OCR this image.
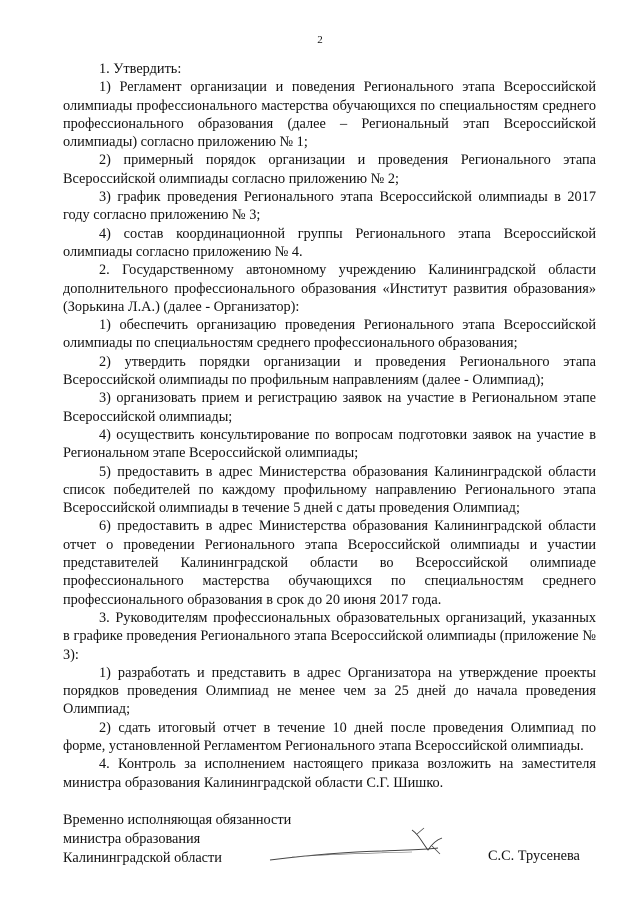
2

1. Утвердить:

1) Регламент организации и поведения Регионального этапа Всероссийской олимпиады профессионального мастерства обучающихся по специальностям среднего профессионального образования (далее – Региональный этап Всероссийской олимпиады) согласно приложению № 1;

2) примерный порядок организации и проведения Регионального этапа Всероссийской олимпиады согласно приложению № 2;

3) график проведения Регионального этапа Всероссийской олимпиады в 2017 году согласно приложению № 3;

4) состав координационной группы Регионального этапа Всероссийской олимпиады согласно приложению № 4.

2. Государственному автономному учреждению Калининградской области дополнительного профессионального образования «Институт развития образования» (Зорькина Л.А.) (далее - Организатор):

1) обеспечить организацию проведения Регионального этапа Всероссийской олимпиады по специальностям среднего профессионального образования;

2) утвердить порядки организации и проведения Регионального этапа Всероссийской олимпиады по профильным направлениям (далее - Олимпиад);

3) организовать прием и регистрацию заявок на участие в Региональном этапе Всероссийской олимпиады;

4) осуществить консультирование по вопросам подготовки заявок на участие в Региональном этапе Всероссийской олимпиады;

5) предоставить в адрес Министерства образования Калининградской области список победителей по каждому профильному направлению Регионального этапа Всероссийской олимпиады в течение 5 дней с даты проведения Олимпиад;

6) предоставить в адрес Министерства образования Калининградской области отчет о проведении Регионального этапа Всероссийской олимпиады и участии представителей Калининградской области во Всероссийской олимпиаде профессионального мастерства обучающихся по специальностям среднего профессионального образования в срок до 20 июня 2017 года.

3. Руководителям профессиональных образовательных организаций, указанных в графике проведения Регионального этапа Всероссийской олимпиады (приложение № 3):

1) разработать и представить в адрес Организатора на утверждение проекты порядков проведения Олимпиад не менее чем за 25 дней до начала проведения Олимпиад;

2) сдать итоговый отчет в течение 10 дней после проведения Олимпиад по форме, установленной Регламентом Регионального этапа Всероссийской олимпиады.

4. Контроль за исполнением настоящего приказа возложить на заместителя министра образования Калининградской области С.Г. Шишко.

Временно исполняющая обязанности
министра образования
Калининградской области	С.С. Трусенева
